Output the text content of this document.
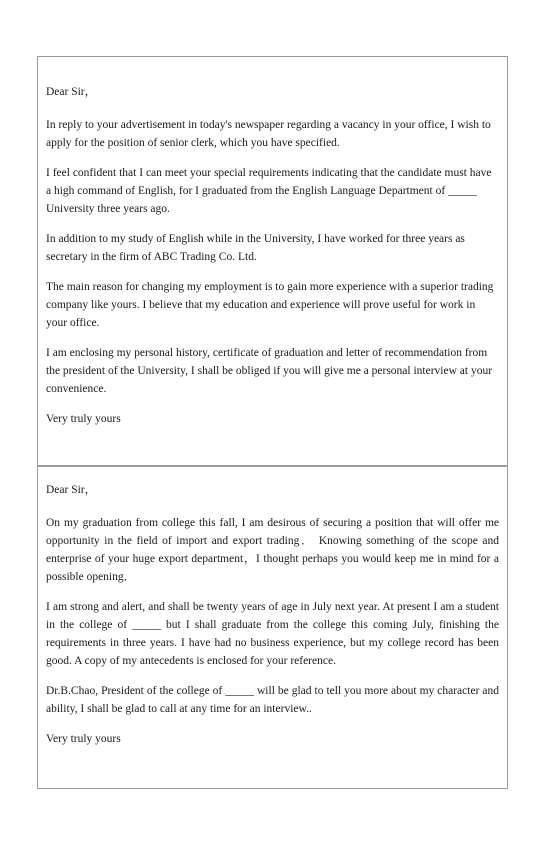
Dear Sir，

In reply to your advertisement in today's newspaper regarding a vacancy in your office, I wish to apply for the position of senior clerk, which you have specified.

I feel confident that I can meet your special requirements indicating that the candidate must have a high command of English, for I graduated from the English Language Department of _____ University three years ago.

In addition to my study of English while in the University, I have worked for three years as secretary in the firm of ABC Trading Co. Ltd.

The main reason for changing my employment is to gain more experience with a superior trading company like yours. I believe that my education and experience will prove useful for work in your office.

I am enclosing my personal history, certificate of graduation and letter of recommendation from the president of the University, I shall be obliged if you will give me a personal interview at your convenience.

Very truly yours

Dear Sir，

On my graduation from college this fall, I am desirous of securing a position that will offer me opportunity in the field of import and export trading． Knowing something of the scope and enterprise of your huge export department，I thought perhaps you would keep me in mind for a possible opening．

I am strong and alert, and shall be twenty years of age in July next year. At present I am a student in the college of _____ but I shall graduate from the college this coming July, finishing the requirements in three years. I have had no business experience, but my college record has been good. A copy of my antecedents is enclosed for your reference.

Dr.B.Chao, President of the college of _____ will be glad to tell you more about my character and ability, I shall be glad to call at any time for an interview..

Very truly yours
